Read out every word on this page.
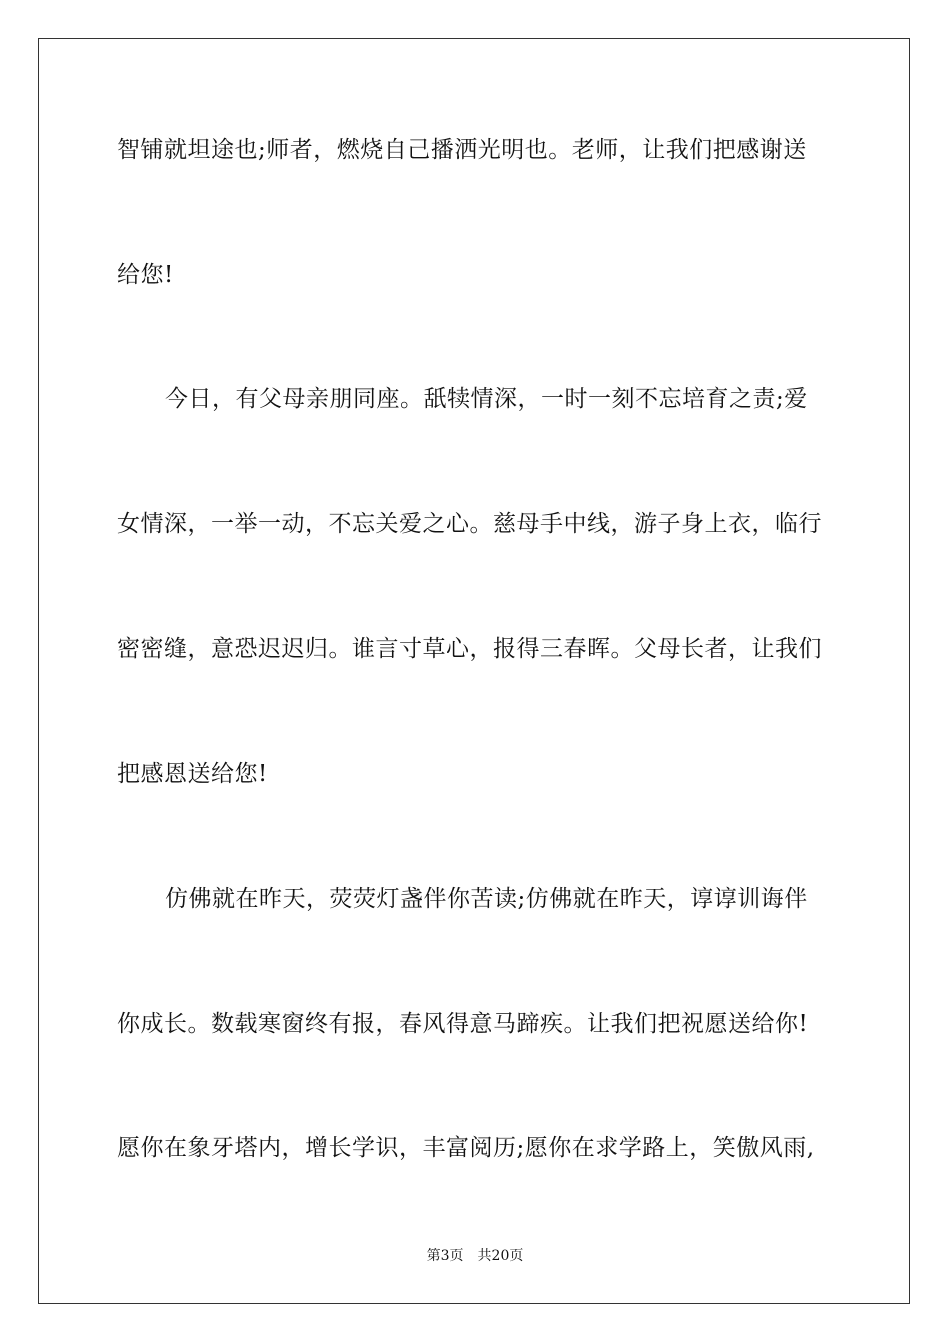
智铺就坦途也;师者，燃烧自己播洒光明也。老师，让我们把感谢送
给您!
今日，有父母亲朋同座。舐犊情深，一时一刻不忘培育之责;爱
女情深，一举一动，不忘关爱之心。慈母手中线，游子身上衣，临行
密密缝，意恐迟迟归。谁言寸草心，报得三春晖。父母长者，让我们
把感恩送给您!
仿佛就在昨天，荧荧灯盏伴你苦读;仿佛就在昨天，谆谆训诲伴
你成长。数载寒窗终有报，春风得意马蹄疾。让我们把祝愿送给你!
愿你在象牙塔内，增长学识，丰富阅历;愿你在求学路上，笑傲风雨,
第3页 共20页
